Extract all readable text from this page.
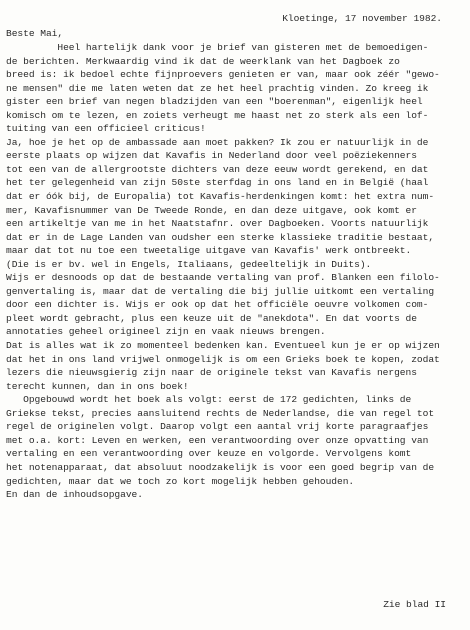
Kloetinge, 17 november 1982.
Beste Mai,
Heel hartelijk dank voor je brief van gisteren met de bemoedigen-
de berichten. Merkwaardig vind ik dat de weerklank van het Dagboek zo
breed is: ik bedoel echte fijnproevers genieten er van, maar ook zéér "gewo-
ne mensen" die me laten weten dat ze het heel prachtig vinden. Zo kreeg ik
gister een brief van negen bladzijden van een "boerenman", eigenlijk heel
komisch om te lezen, en zoiets verheugt me haast net zo sterk als een lof-
tuiting van een officieel criticus!
Ja, hoe je het op de ambassade aan moet pakken? Ik zou er natuurlijk in de
eerste plaats op wijzen dat Kavafis in Nederland door veel poëziekenners
tot een van de allergrootste dichters van deze eeuw wordt gerekend, en dat
het ter gelegenheid van zijn 50ste sterfdag in ons land en in België (haal
dat er óók bij, de Europalia) tot Kavafis-herdenkingen komt: het extra num-
mer, Kavafisnummer van De Tweede Ronde, en dan deze uitgave, ook komt er
een artikeltje van me in het Naatstafnr. over Dagboeken. Voorts natuurlijk
dat er in de Lage Landen van oudsher een sterke klassieke traditie bestaat,
maar dat tot nu toe een tweetalige uitgave van Kavafis' werk ontbreekt.
(Die is er bv. wel in Engels, Italiaans, gedeeltelijk in Duits).
Wijs er desnoods op dat de bestaande vertaling van prof. Blanken een filolo-
genvertaling is, maar dat de vertaling die bij jullie uitkomt een vertaling
door een dichter is. Wijs er ook op dat het officiële oeuvre volkomen com-
pleet wordt gebracht, plus een keuze uit de "anekdota". En dat voorts de
annotaties geheel origineel zijn en vaak nieuws brengen.
Dat is alles wat ik zo momenteel bedenken kan. Eventueel kun je er op wijzen
dat het in ons land vrijwel onmogelijk is om een Grieks boek te kopen, zodat
lezers die nieuwsgierig zijn naar de originele tekst van Kavafis nergens
terecht kunnen, dan in ons boek!
Opgebouwd wordt het boek als volgt: eerst de 172 gedichten, links de
Griekse tekst, precies aansluitend rechts de Nederlandse, die van regel tot
regel de originelen volgt. Daarop volgt een aantal vrij korte paragraafjes
met o.a. kort: Leven en werken, een verantwoording over onze opvatting van
vertaling en een verantwoording over keuze en volgorde. Vervolgens komt
het notenapparaat, dat absoluut noodzakelijk is voor een goed begrip van de
gedichten, maar dat we toch zo kort mogelijk hebben gehouden.
En dan de inhoudsopgave.
Zie blad II
